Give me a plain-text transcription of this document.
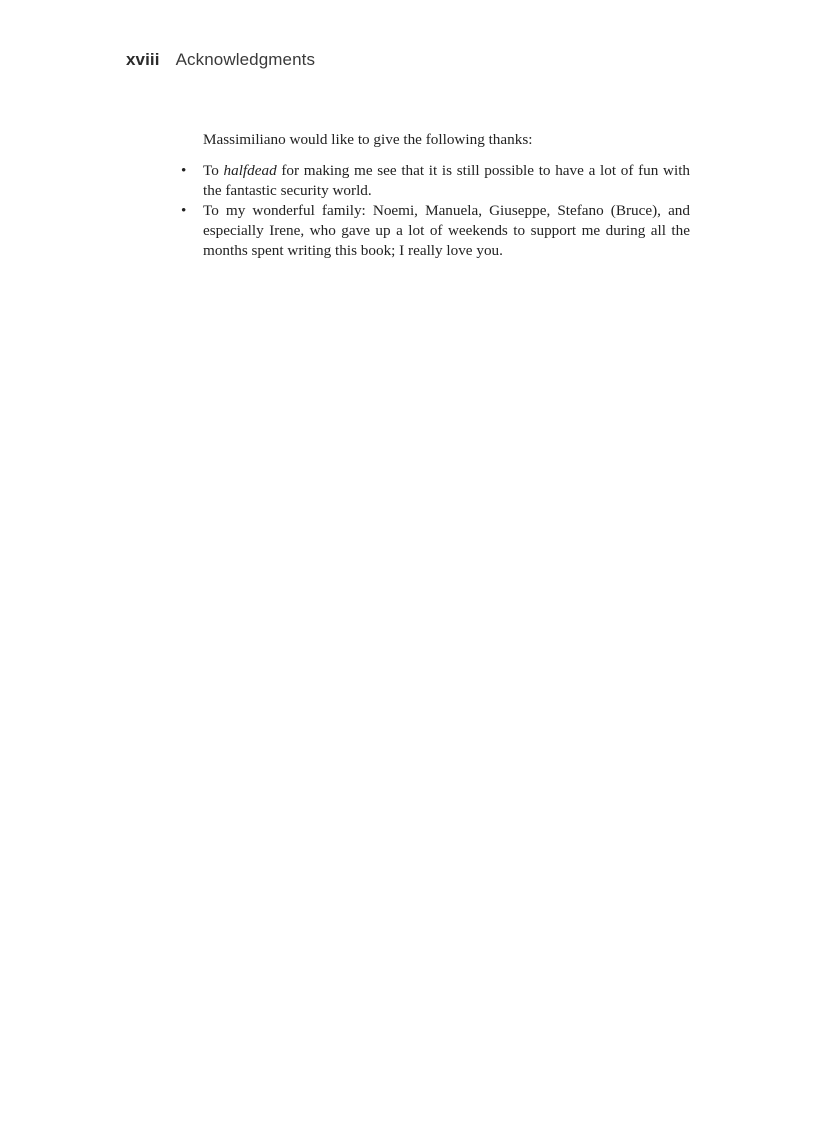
xviii Acknowledgments

Massimiliano would like to give the following thanks:

• To halfdead for making me see that it is still possible to have a lot of fun with the fantastic security world.
• To my wonderful family: Noemi, Manuela, Giuseppe, Stefano (Bruce), and especially Irene, who gave up a lot of weekends to support me during all the months spent writing this book; I really love you.
